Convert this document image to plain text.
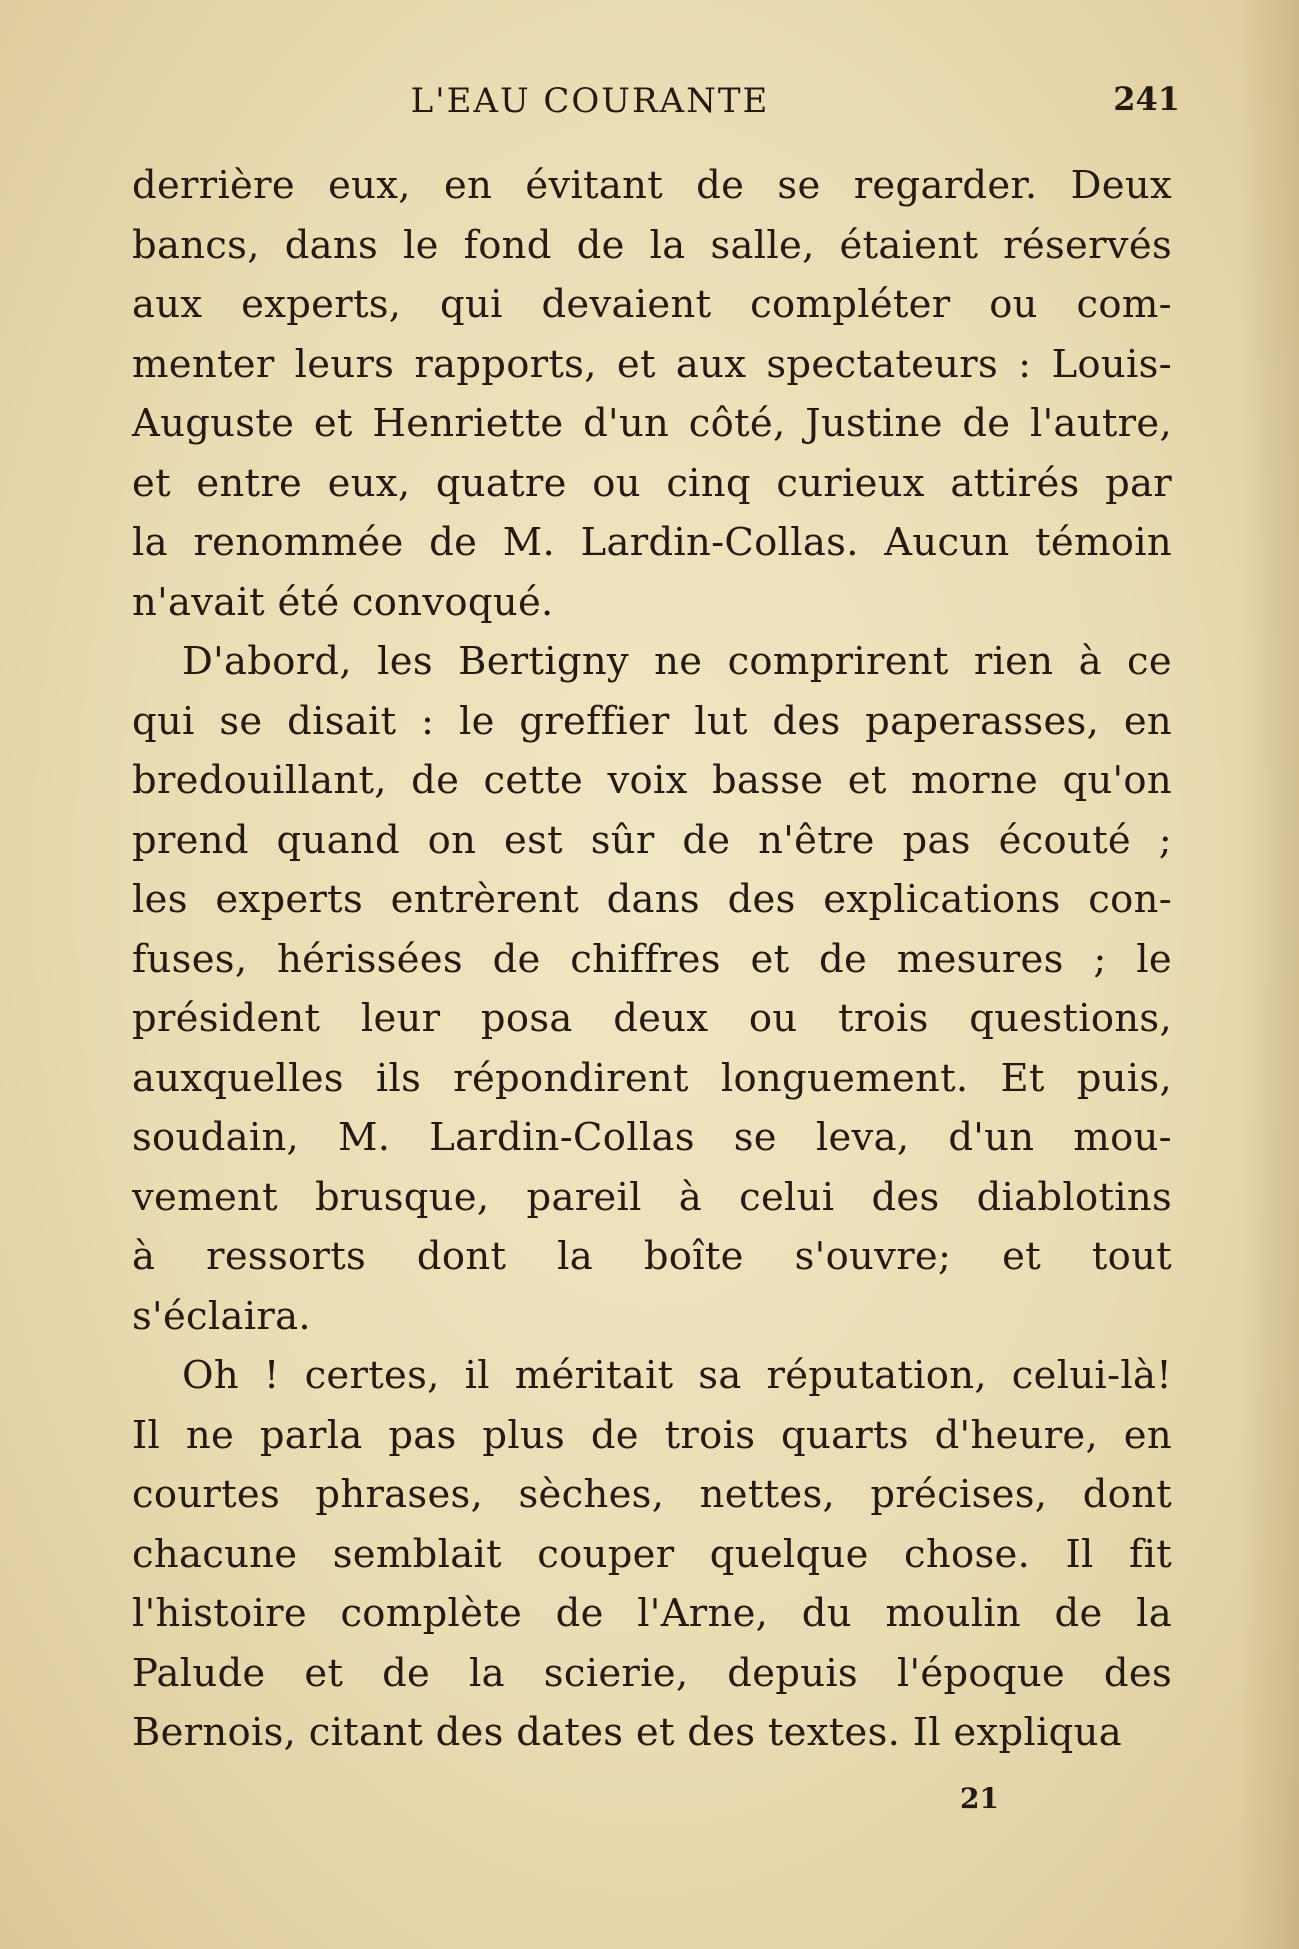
L'EAU COURANTE	241
derrière eux, en évitant de se regarder. Deux
bancs, dans le fond de la salle, étaient réservés
aux experts, qui devaient compléter ou com-
menter leurs rapports, et aux spectateurs : Louis-
Auguste et Henriette d'un côté, Justine de l'autre,
et entre eux, quatre ou cinq curieux attirés par
la renommée de M. Lardin-Collas. Aucun témoin
n'avait été convoqué.
D'abord, les Bertigny ne comprirent rien à ce
qui se disait : le greffier lut des paperasses, en
bredouillant, de cette voix basse et morne qu'on
prend quand on est sûr de n'être pas écouté ;
les experts entrèrent dans des explications con-
fuses, hérissées de chiffres et de mesures ; le
président leur posa deux ou trois questions,
auxquelles ils répondirent longuement. Et puis,
soudain, M. Lardin-Collas se leva, d'un mou-
vement brusque, pareil à celui des diablotins
à ressorts dont la boîte s'ouvre; et tout
s'éclaira.
Oh ! certes, il méritait sa réputation, celui-là!
Il ne parla pas plus de trois quarts d'heure, en
courtes phrases, sèches, nettes, précises, dont
chacune semblait couper quelque chose. Il fit
l'histoire complète de l'Arne, du moulin de la
Palude et de la scierie, depuis l'époque des
Bernois, citant des dates et des textes. Il expliqua
21
